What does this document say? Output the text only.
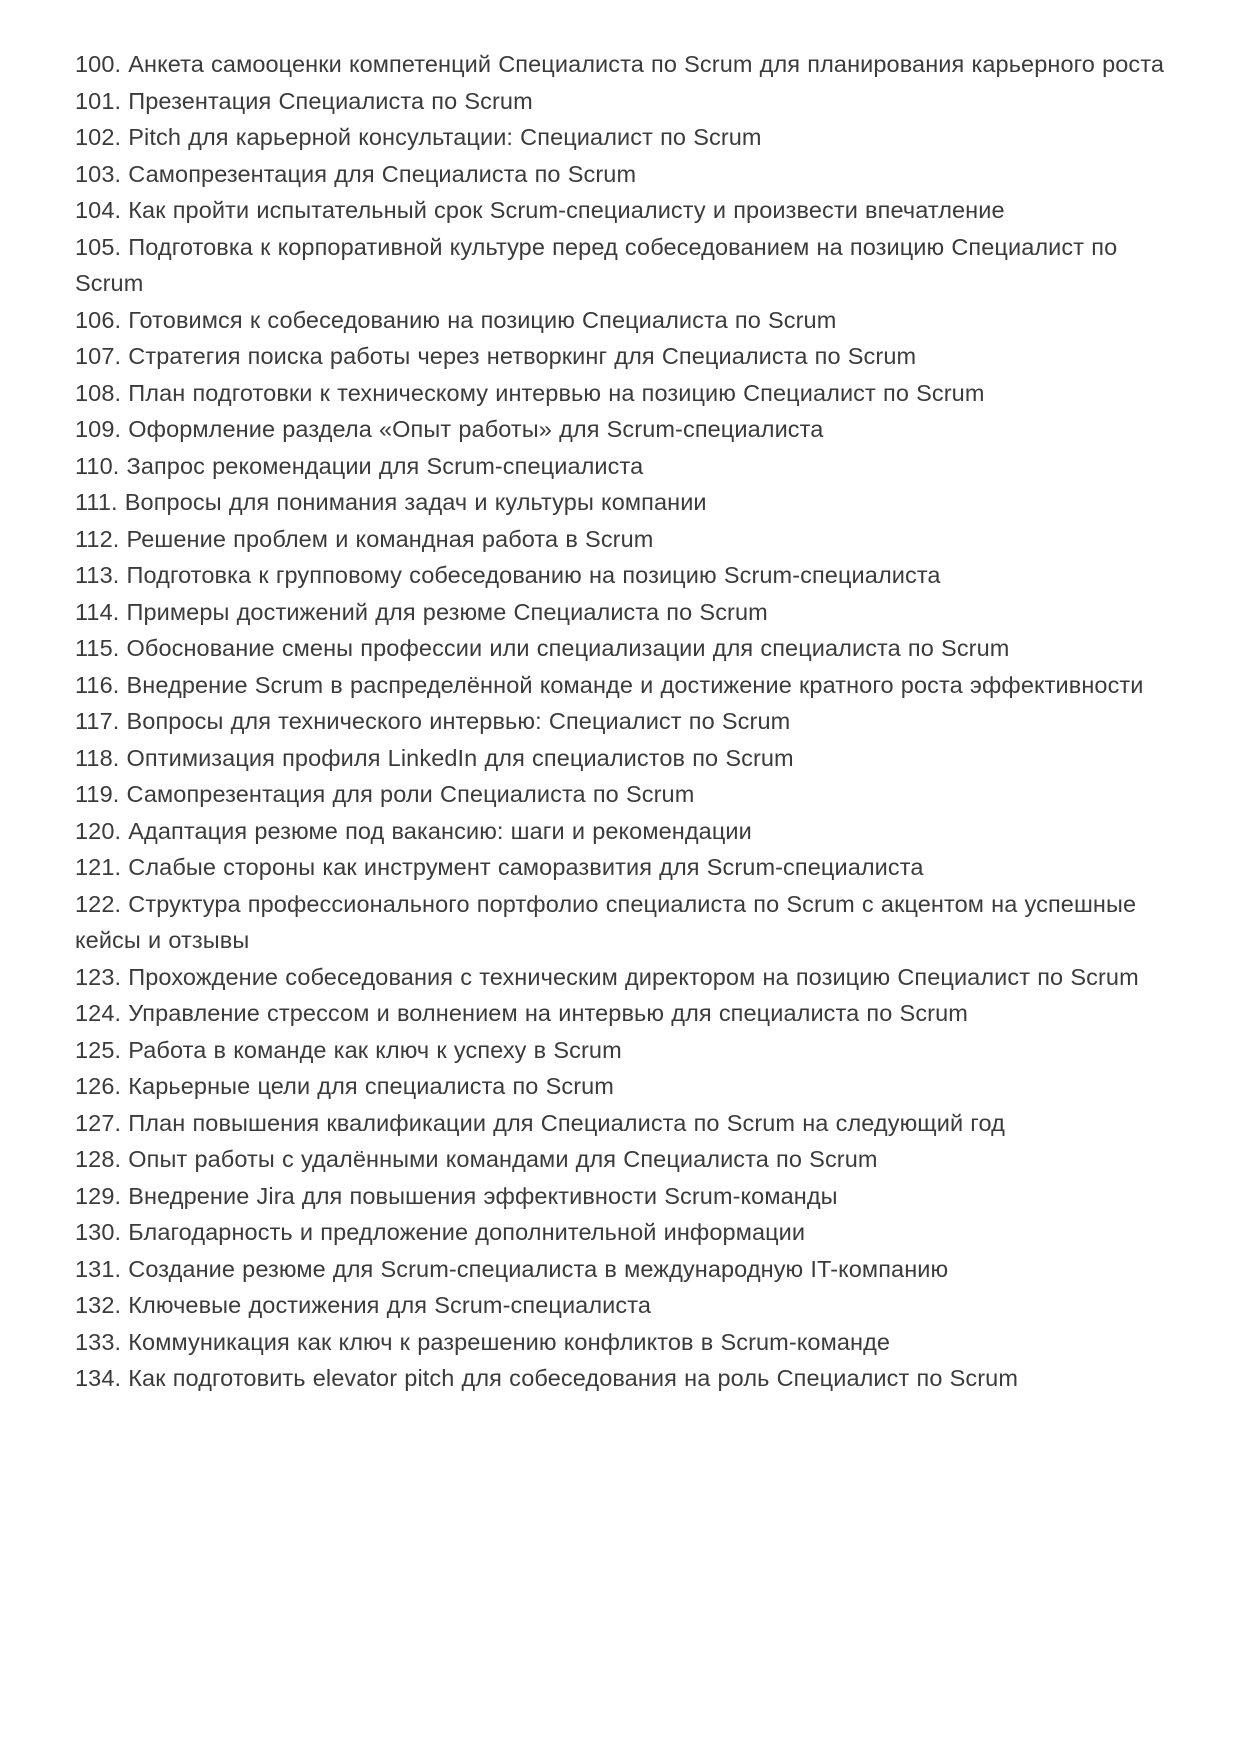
100. Анкета самооценки компетенций Специалиста по Scrum для планирования карьерного роста

101. Презентация Специалиста по Scrum

102. Pitch для карьерной консультации: Специалист по Scrum

103. Самопрезентация для Специалиста по Scrum

104. Как пройти испытательный срок Scrum-специалисту и произвести впечатление

105. Подготовка к корпоративной культуре перед собеседованием на позицию Специалист по Scrum

106. Готовимся к собеседованию на позицию Специалиста по Scrum

107. Стратегия поиска работы через нетворкинг для Специалиста по Scrum

108. План подготовки к техническому интервью на позицию Специалист по Scrum

109. Оформление раздела «Опыт работы» для Scrum-специалиста

110. Запрос рекомендации для Scrum-специалиста

111. Вопросы для понимания задач и культуры компании

112. Решение проблем и командная работа в Scrum

113. Подготовка к групповому собеседованию на позицию Scrum-специалиста

114. Примеры достижений для резюме Специалиста по Scrum

115. Обоснование смены профессии или специализации для специалиста по Scrum

116. Внедрение Scrum в распределённой команде и достижение кратного роста эффективности

117. Вопросы для технического интервью: Специалист по Scrum

118. Оптимизация профиля LinkedIn для специалистов по Scrum

119. Самопрезентация для роли Специалиста по Scrum

120. Адаптация резюме под вакансию: шаги и рекомендации

121. Слабые стороны как инструмент саморазвития для Scrum-специалиста

122. Структура профессионального портфолио специалиста по Scrum с акцентом на успешные кейсы и отзывы

123. Прохождение собеседования с техническим директором на позицию Специалист по Scrum

124. Управление стрессом и волнением на интервью для специалиста по Scrum

125. Работа в команде как ключ к успеху в Scrum

126. Карьерные цели для специалиста по Scrum

127. План повышения квалификации для Специалиста по Scrum на следующий год

128. Опыт работы с удалёнными командами для Специалиста по Scrum

129. Внедрение Jira для повышения эффективности Scrum-команды

130. Благодарность и предложение дополнительной информации

131. Создание резюме для Scrum-специалиста в международную IT-компанию

132. Ключевые достижения для Scrum-специалиста

133. Коммуникация как ключ к разрешению конфликтов в Scrum-команде

134. Как подготовить elevator pitch для собеседования на роль Специалист по Scrum
